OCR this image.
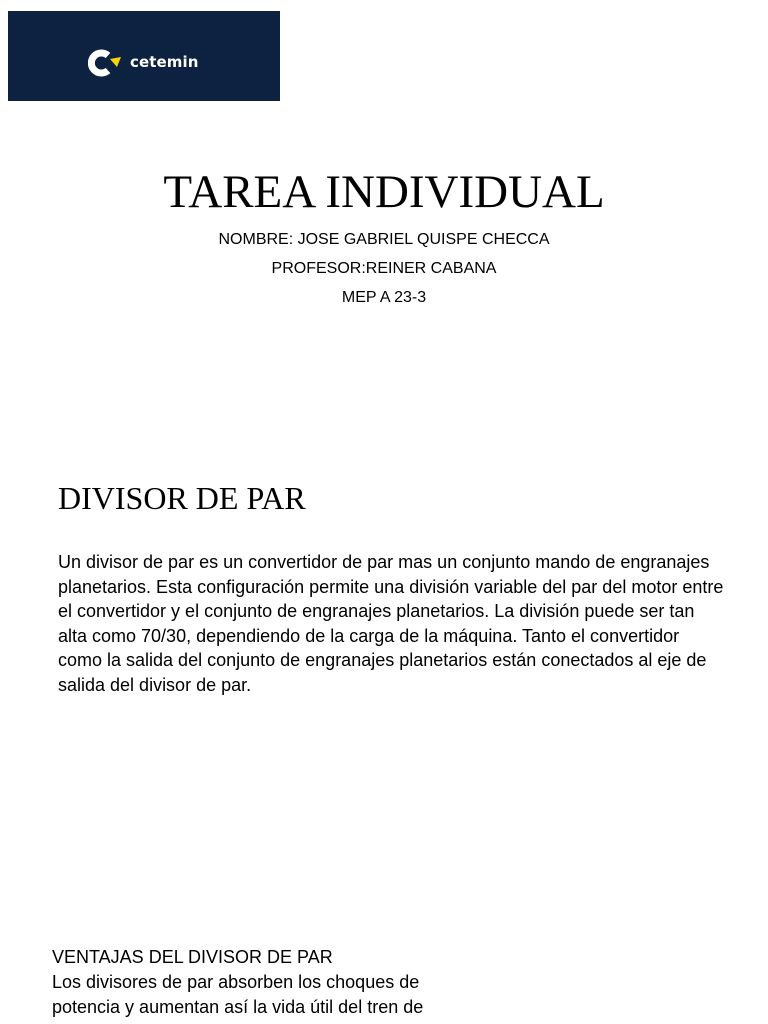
cetemin
TAREA INDIVIDUAL
NOMBRE: JOSE GABRIEL QUISPE CHECCA
PROFESOR:REINER CABANA
MEP A 23-3
DIVISOR DE PAR

Un divisor de par es un convertidor de par mas un conjunto mando de engranajes planetarios. Esta configuración permite una división variable del par del motor entre el convertidor y el conjunto de engranajes planetarios. La división puede ser tan alta como 70/30, dependiendo de la carga de la máquina. Tanto el convertidor como la salida del conjunto de engranajes planetarios están conectados al eje de salida del divisor de par.

VENTAJAS DEL DIVISOR DE PAR

Los divisores de par absorben los choques de potencia y aumentan así la vida útil del tren de
